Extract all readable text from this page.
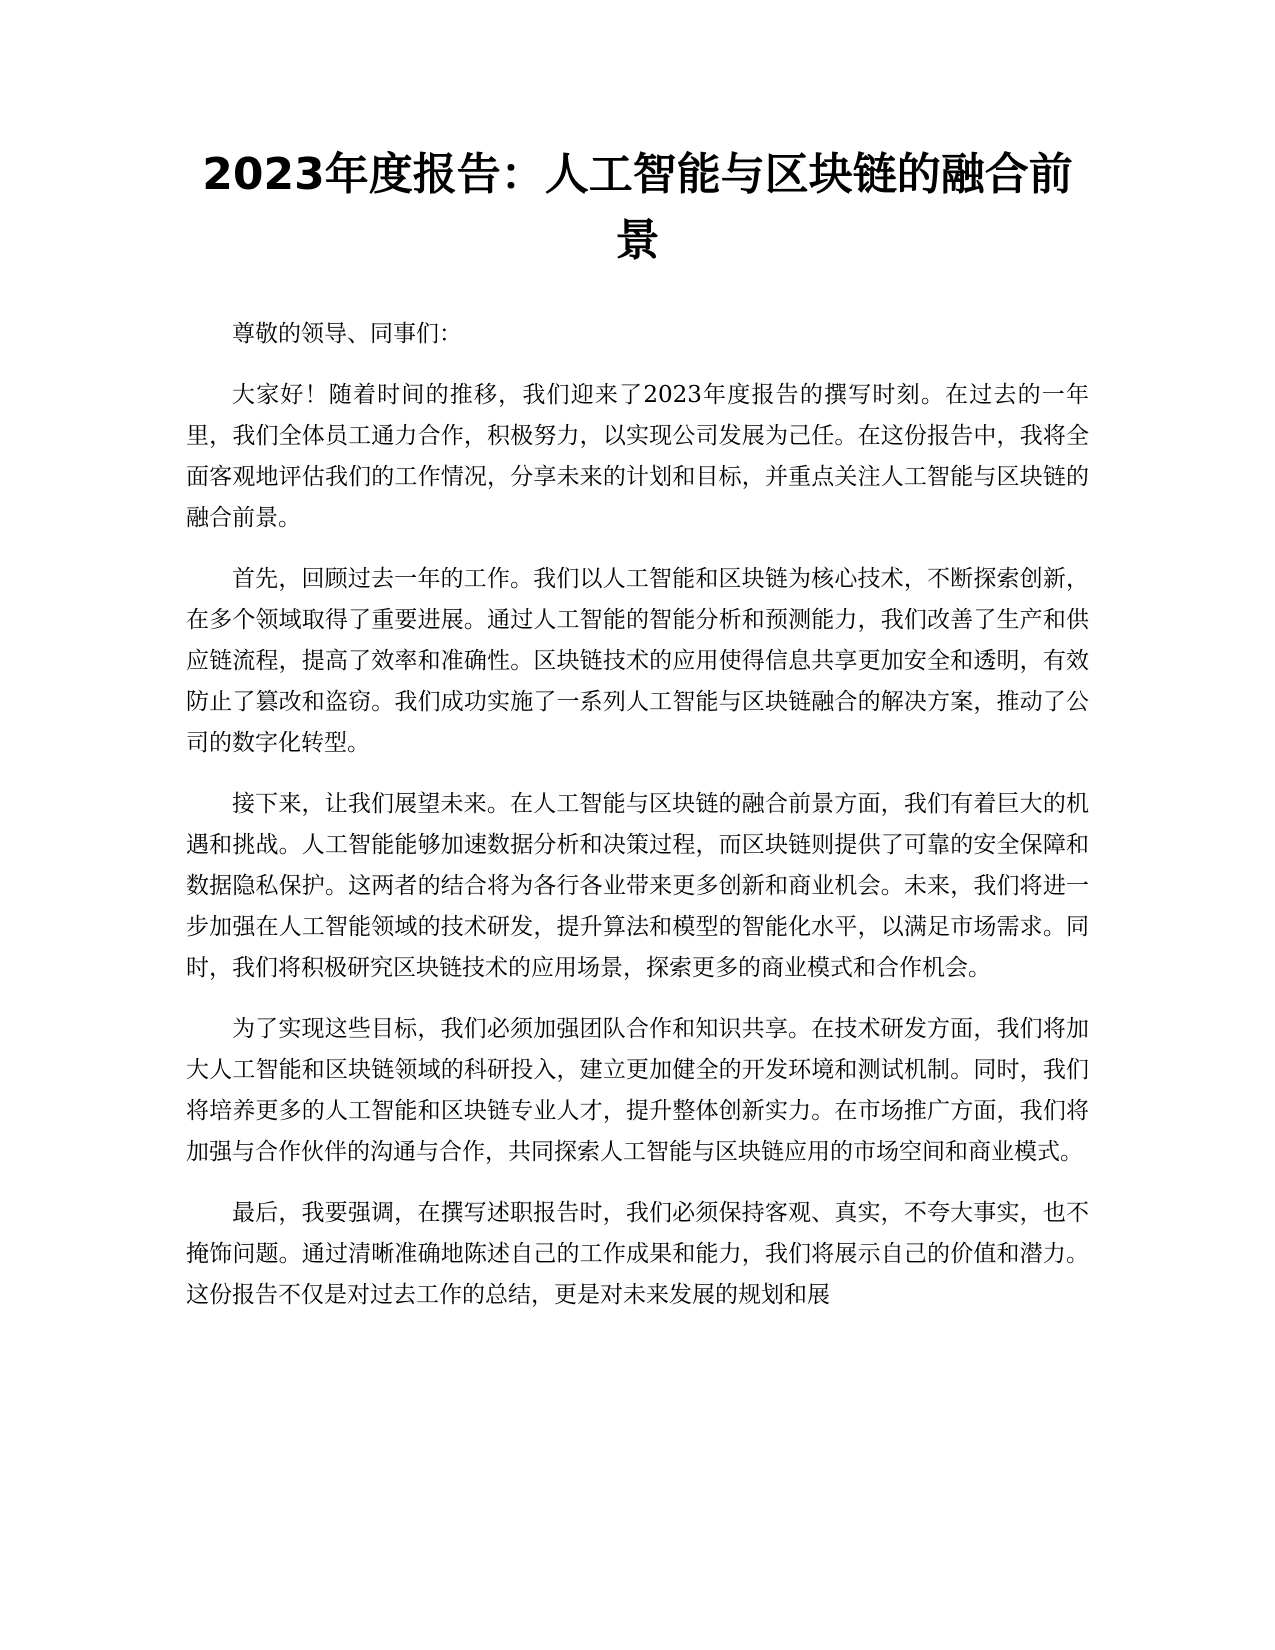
2023年度报告：人工智能与区块链的融合前景

尊敬的领导、同事们：

大家好！随着时间的推移，我们迎来了2023年度报告的撰写时刻。在过去的一年里，我们全体员工通力合作，积极努力，以实现公司发展为己任。在这份报告中，我将全面客观地评估我们的工作情况，分享未来的计划和目标，并重点关注人工智能与区块链的融合前景。

首先，回顾过去一年的工作。我们以人工智能和区块链为核心技术，不断探索创新，在多个领域取得了重要进展。通过人工智能的智能分析和预测能力，我们改善了生产和供应链流程，提高了效率和准确性。区块链技术的应用使得信息共享更加安全和透明，有效防止了篡改和盗窃。我们成功实施了一系列人工智能与区块链融合的解决方案，推动了公司的数字化转型。

接下来，让我们展望未来。在人工智能与区块链的融合前景方面，我们有着巨大的机遇和挑战。人工智能能够加速数据分析和决策过程，而区块链则提供了可靠的安全保障和数据隐私保护。这两者的结合将为各行各业带来更多创新和商业机会。未来，我们将进一步加强在人工智能领域的技术研发，提升算法和模型的智能化水平，以满足市场需求。同时，我们将积极研究区块链技术的应用场景，探索更多的商业模式和合作机会。

为了实现这些目标，我们必须加强团队合作和知识共享。在技术研发方面，我们将加大人工智能和区块链领域的科研投入，建立更加健全的开发环境和测试机制。同时，我们将培养更多的人工智能和区块链专业人才，提升整体创新实力。在市场推广方面，我们将加强与合作伙伴的沟通与合作，共同探索人工智能与区块链应用的市场空间和商业模式。

最后，我要强调，在撰写述职报告时，我们必须保持客观、真实，不夸大事实，也不掩饰问题。通过清晰准确地陈述自己的工作成果和能力，我们将展示自己的价值和潜力。这份报告不仅是对过去工作的总结，更是对未来发展的规划和展
